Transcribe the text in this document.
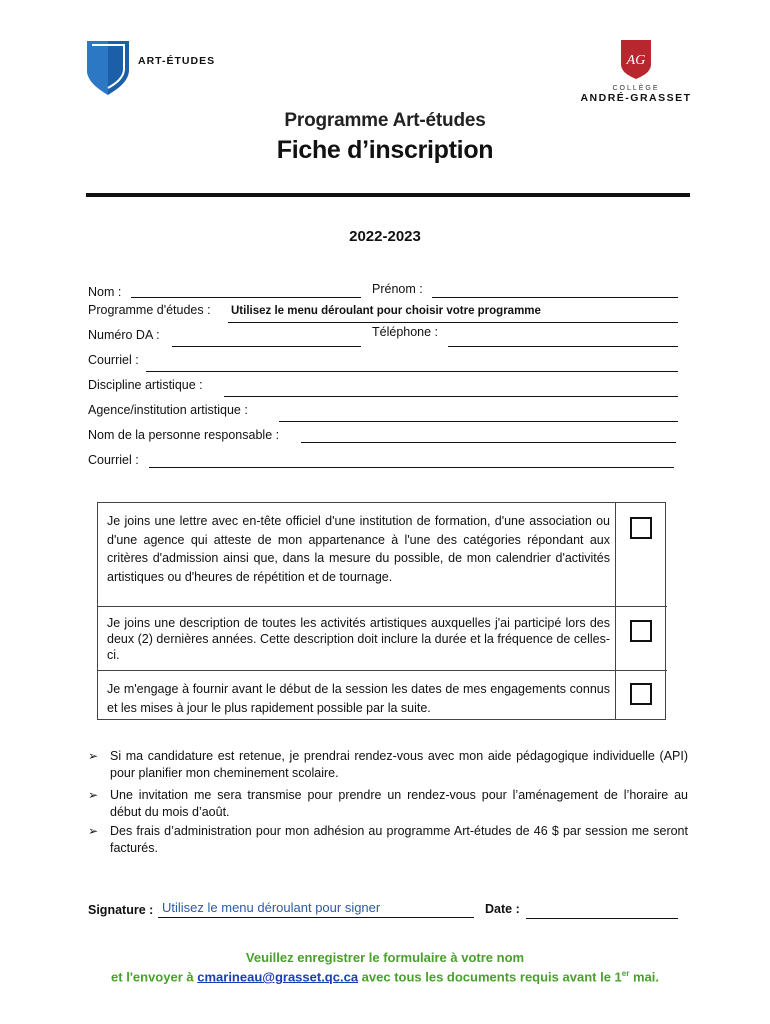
ART-ÉTUDES	AG
COLLÈGE
ANDRÉ-GRASSET
Programme Art-études
Fiche d’inscription
2022-2023
Nom :	Prénom :
Programme d'études : Utilisez le menu déroulant pour choisir votre programme
Numéro DA :	Téléphone :
Courriel :
Discipline artistique :
Agence/institution artistique :
Nom de la personne responsable :
Courriel :
Je joins une lettre avec en-tête officiel d'une institution de formation, d'une association ou d'une agence qui atteste de mon appartenance à l'une des catégories répondant aux critères d'admission ainsi que, dans la mesure du possible, de mon calendrier d'activités artistiques ou d'heures de répétition et de tournage.
Je joins une description de toutes les activités artistiques auxquelles j'ai participé lors des deux (2) dernières années. Cette description doit inclure la durée et la fréquence de celles-ci.
Je m'engage à fournir avant le début de la session les dates de mes engagements connus et les mises à jour le plus rapidement possible par la suite.
➢ Si ma candidature est retenue, je prendrai rendez-vous avec mon aide pédagogique individuelle (API) pour planifier mon cheminement scolaire.
➢ Une invitation me sera transmise pour prendre un rendez-vous pour l’aménagement de l’horaire au début du mois d’août.
➢ Des frais d’administration pour mon adhésion au programme Art-études de 46 $ par session me seront facturés.
Signature : Utilisez le menu déroulant pour signer	Date :
Veuillez enregistrer le formulaire à votre nom
et l'envoyer à cmarineau@grasset.qc.ca avec tous les documents requis avant le 1er mai.
